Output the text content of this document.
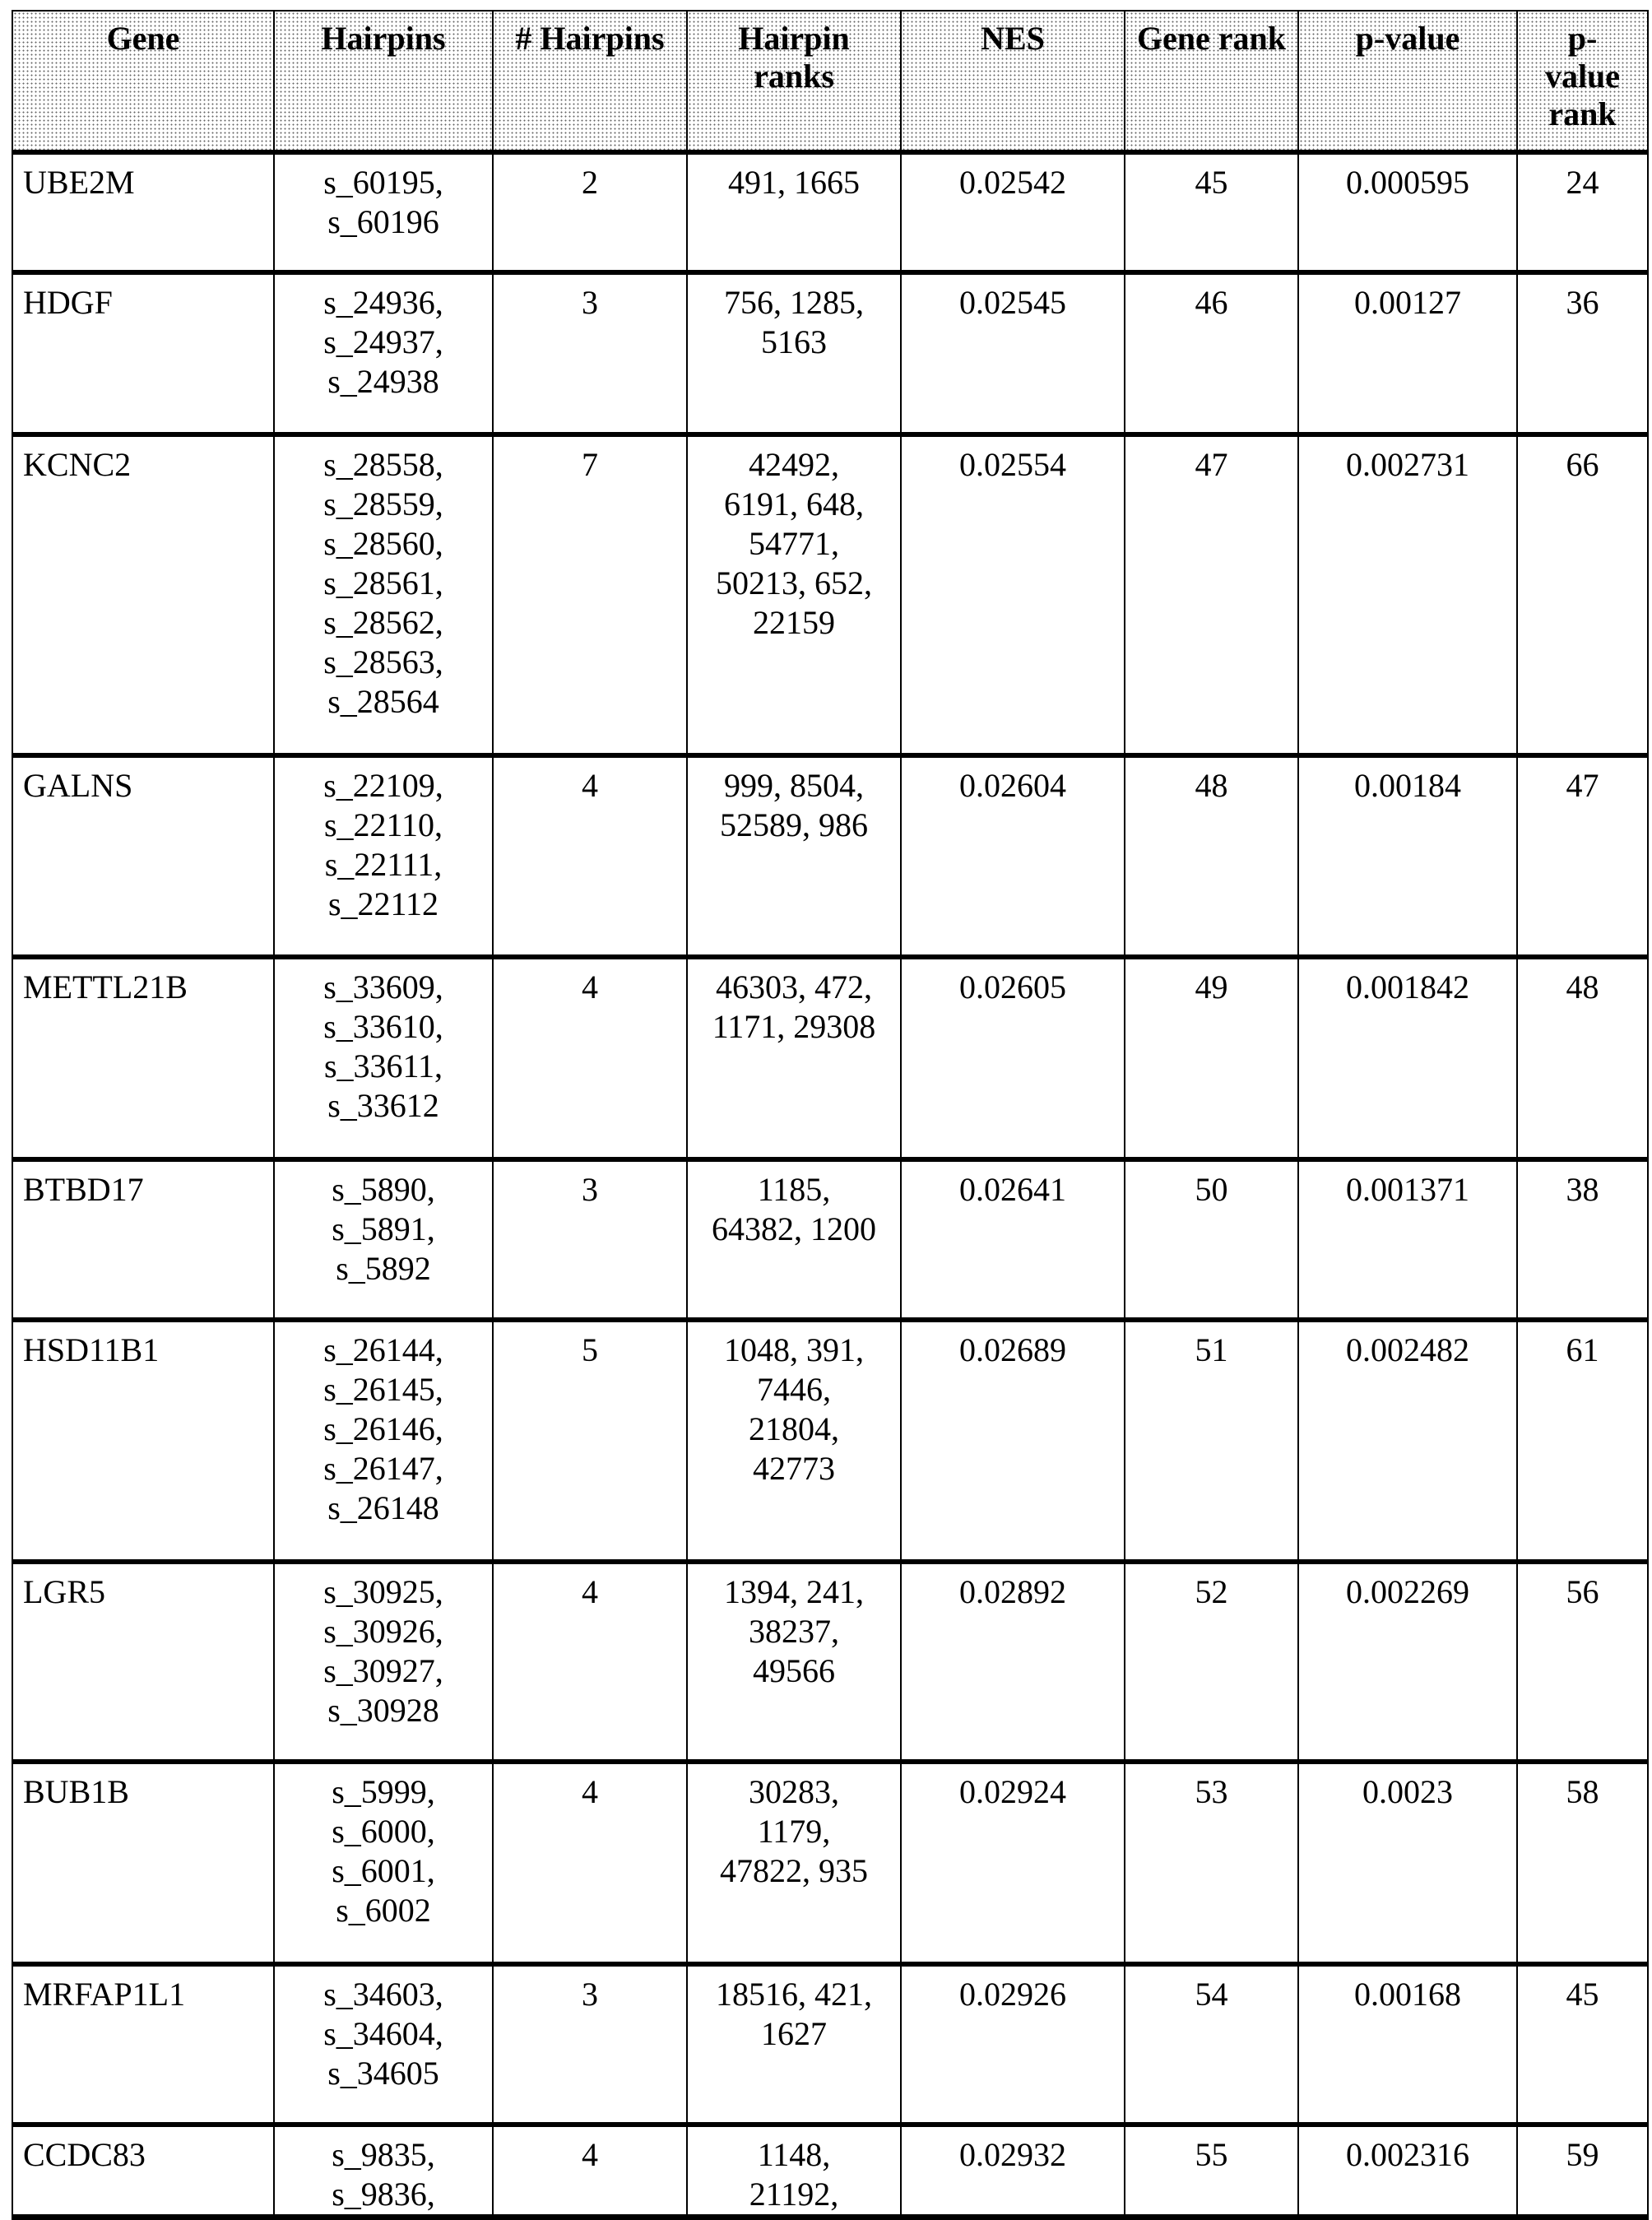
Gene	Hairpins	# Hairpins	Hairpin ranks	NES	Gene rank	p-value	p-
value
rank
UBE2M	s_60195,
s_60196
	2	491, 1665	0.02542	45	0.000595	24
HDGF	s_24936,
s_24937,
s_24938
	3	756, 1285,
5163
	0.02545	46	0.00127	36
KCNC2	s_28558,
s_28559,
s_28560,
s_28561,
s_28562,
s_28563,
s_28564
	7	42492,
6191, 648,
54771,
50213, 652,
22159
	0.02554	47	0.002731	66
GALNS	s_22109,
s_22110,
s_22111,
s_22112
	4	999, 8504,
52589, 986
	0.02604	48	0.00184	47
METTL21B	s_33609,
s_33610,
s_33611,
s_33612
	4	46303, 472,
1171, 29308
	0.02605	49	0.001842	48
BTBD17	s_5890,
s_5891,
s_5892
	3	1185,
64382, 1200
	0.02641	50	0.001371	38
HSD11B1	s_26144,
s_26145,
s_26146,
s_26147,
s_26148
	5	1048, 391,
7446,
21804,
42773
	0.02689	51	0.002482	61
LGR5	s_30925,
s_30926,
s_30927,
s_30928
	4	1394, 241,
38237,
49566
	0.02892	52	0.002269	56
BUB1B	s_5999,
s_6000,
s_6001,
s_6002
	4	30283,
1179,
47822, 935
	0.02924	53	0.0023	58
MRFAP1L1	s_34603,
s_34604,
s_34605
	3	18516, 421,
1627
	0.02926	54	0.00168	45
CCDC83	s_9835,
s_9836,
	4	1148,
21192,
	0.02932	55	0.002316	59
